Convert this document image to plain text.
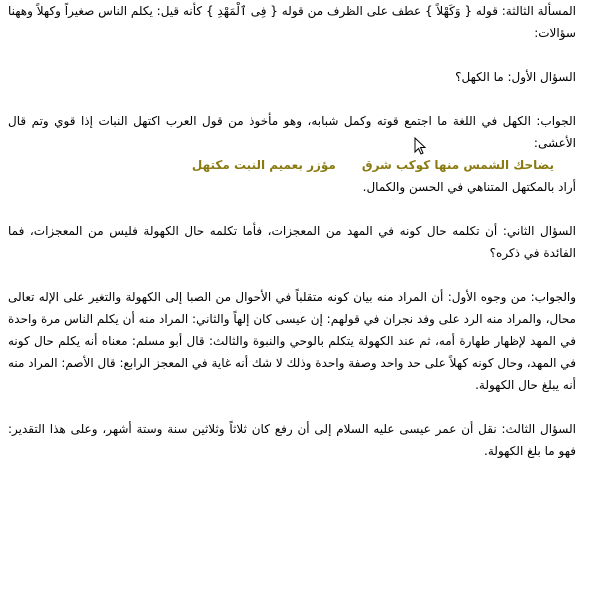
المسألة الثالثة: قوله { وَكَهْلاً } عطف على الظرف من قوله { فِى ٱلْمَهْدِ } كأنه قيل: يكلم الناس صغيراً وكهلاً وههنا سؤالات:

السؤال الأول: ما الكهل؟

الجواب: الكهل في اللغة ما اجتمع قوته وكمل شبابه، وهو مأخوذ من قول العرب اكتهل النبات إذا قوي وتم قال الأعشى:

يضاحك الشمس منها كوكب شرق
مؤزر بعميم النبت مكتهل

أراد بالمكتهل المتناهي في الحسن والكمال.

السؤال الثاني: أن تكلمه حال كونه في المهد من المعجزات، فأما تكلمه حال الكهولة فليس من المعجزات، فما الفائدة في ذكره؟

والجواب: من وجوه الأول: أن المراد منه بيان كونه متقلباً في الأحوال من الصبا إلى الكهولة والتغير على الإله تعالى محال، والمراد منه الرد على وفد نجران في قولهم: إن عيسى كان إلهاً والثاني: المراد منه أن يكلم الناس مرة واحدة في المهد لإظهار طهارة أمه، ثم عند الكهولة يتكلم بالوحي والنبوة والثالث: قال أبو مسلم: معناه أنه يكلم حال كونه في المهد، وحال كونه كهلاً على حد واحد وصفة واحدة وذلك لا شك أنه غاية في المعجز الرابع: قال الأصم: المراد منه أنه يبلغ حال الكهولة.

السؤال الثالث: نقل أن عمر عيسى عليه السلام إلى أن رفع كان ثلاثاً وثلاثين سنة وستة أشهر، وعلى هذا التقدير: فهو ما بلغ الكهولة.
